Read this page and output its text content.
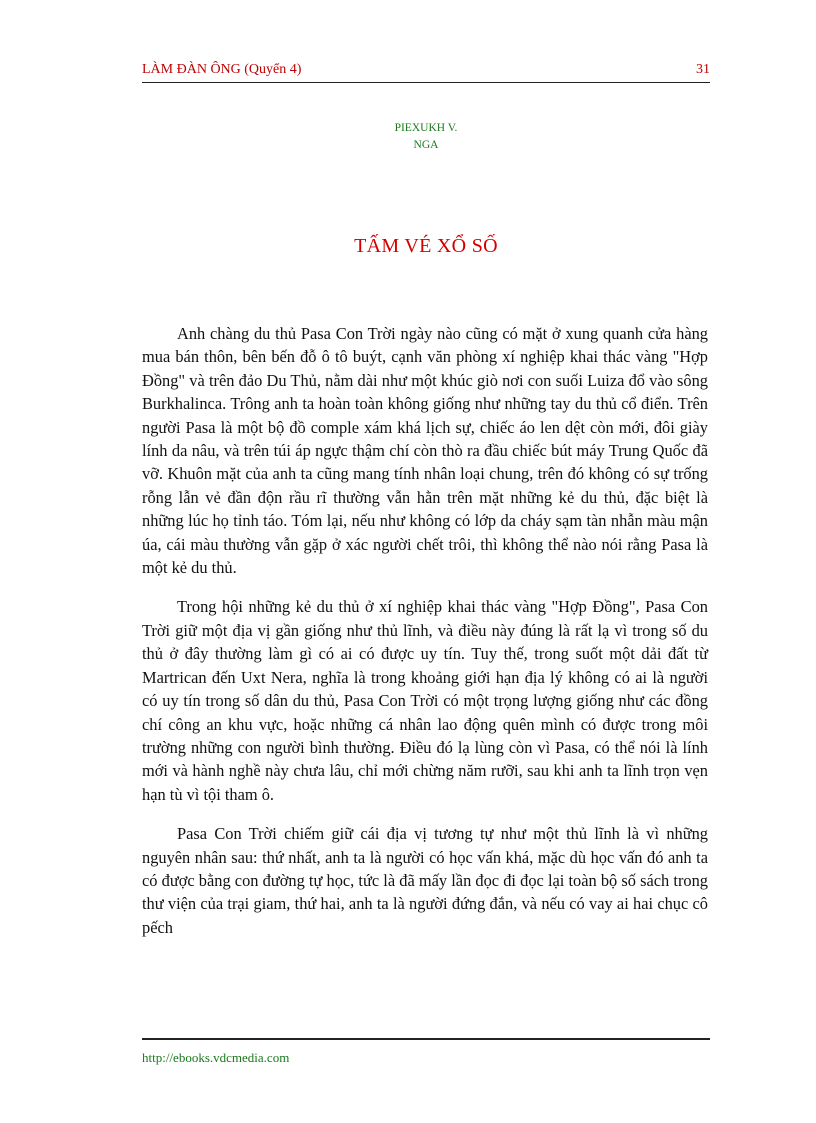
LÀM ĐÀN ÔNG (Quyển 4)	31
PIEXUKH V.
NGA
TẤM VÉ XỔ SỐ

Anh chàng du thủ Pasa Con Trời ngày nào cũng có mặt ở xung quanh cửa hàng mua bán thôn, bên bến đỗ ô tô buýt, cạnh văn phòng xí nghiệp khai thác vàng "Hợp Đồng" và trên đảo Du Thủ, nằm dài như một khúc giò nơi con suối Luiza đổ vào sông Burkhalinca. Trông anh ta hoàn toàn không giống như những tay du thủ cổ điển. Trên người Pasa là một bộ đồ comple xám khá lịch sự, chiếc áo len dệt còn mới, đôi giày lính da nâu, và trên túi áp ngực thậm chí còn thò ra đầu chiếc bút máy Trung Quốc đã vỡ. Khuôn mặt của anh ta cũng mang tính nhân loại chung, trên đó không có sự trống rỗng lẫn vẻ đần độn rầu rĩ thường vẫn hằn trên mặt những kẻ du thủ, đặc biệt là những lúc họ tỉnh táo. Tóm lại, nếu như không có lớp da cháy sạm tàn nhẫn màu mận úa, cái màu thường vẫn gặp ở xác người chết trôi, thì không thể nào nói rằng Pasa là một kẻ du thủ.

Trong hội những kẻ du thủ ở xí nghiệp khai thác vàng "Hợp Đồng", Pasa Con Trời giữ một địa vị gần giống như thủ lĩnh, và điều này đúng là rất lạ vì trong số du thủ ở đây thường làm gì có ai có được uy tín. Tuy thế, trong suốt một dải đất từ Martrican đến Uxt Nera, nghĩa là trong khoảng giới hạn địa lý không có ai là người có uy tín trong số dân du thủ, Pasa Con Trời có một trọng lượng giống như các đồng chí công an khu vực, hoặc những cá nhân lao động quên mình có được trong môi trường những con người bình thường. Điều đó lạ lùng còn vì Pasa, có thể nói là lính mới và hành nghề này chưa lâu, chỉ mới chừng năm rưỡi, sau khi anh ta lĩnh trọn vẹn hạn tù vì tội tham ô.

Pasa Con Trời chiếm giữ cái địa vị tương tự như một thủ lĩnh là vì những nguyên nhân sau: thứ nhất, anh ta là người có học vấn khá, mặc dù học vấn đó anh ta có được bằng con đường tự học, tức là đã mấy lần đọc đi đọc lại toàn bộ số sách trong thư viện của trại giam, thứ hai, anh ta là người đứng đắn, và nếu có vay ai hai chục cô pếch

http://ebooks.vdcmedia.com
